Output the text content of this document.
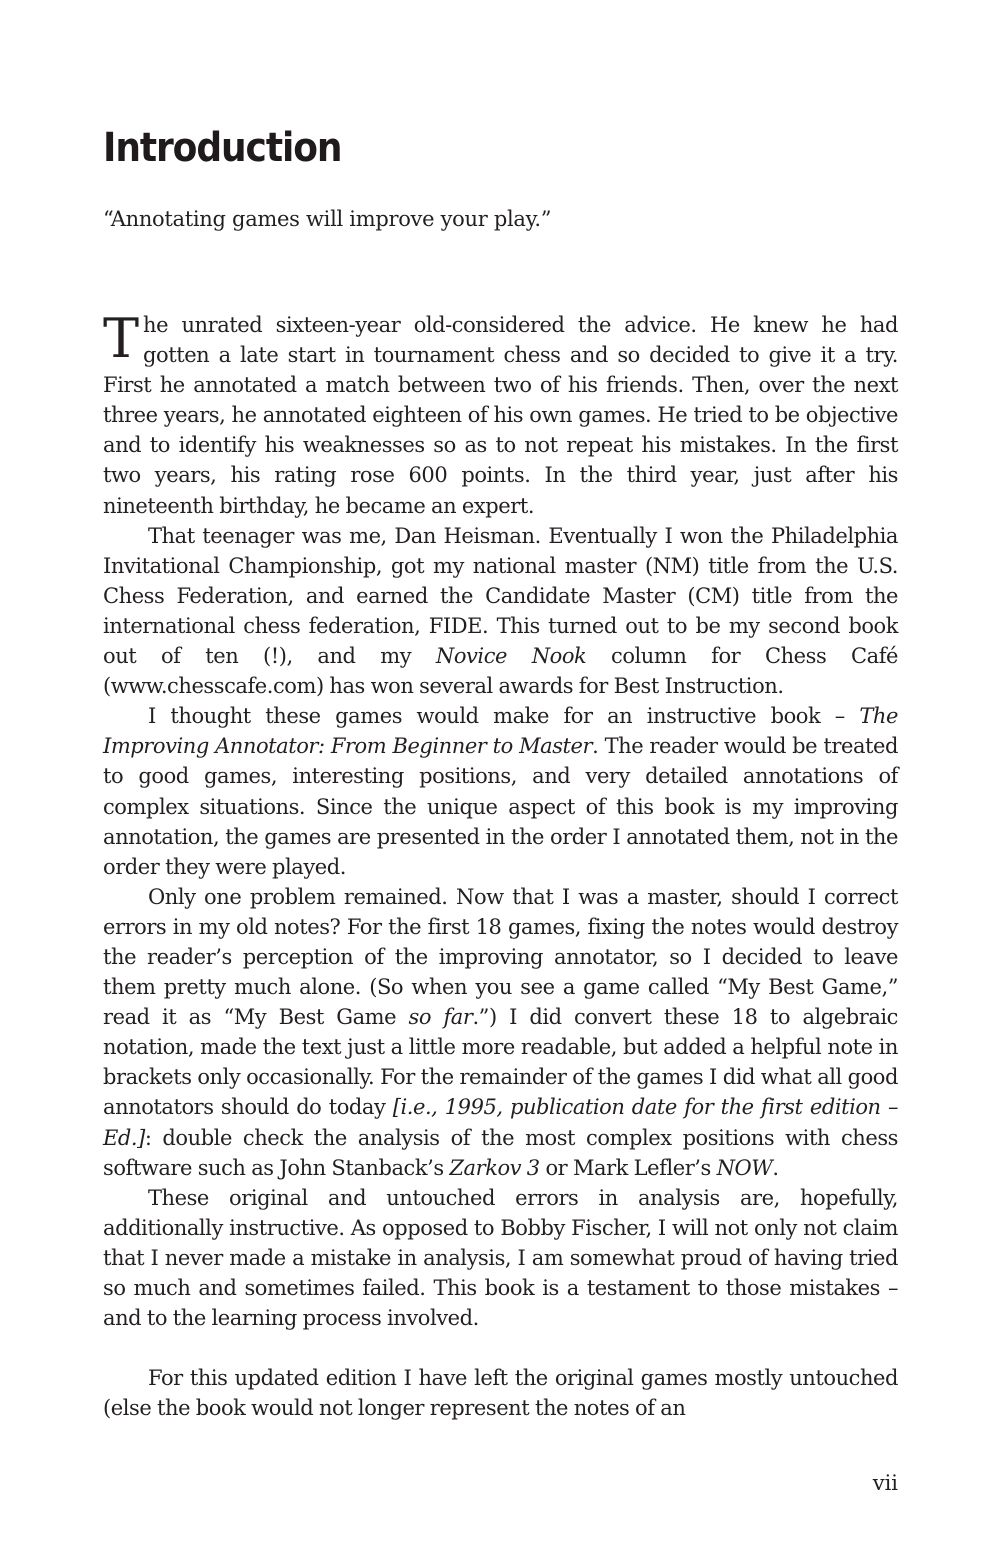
Introduction

“Annotating games will improve your play.”

The unrated sixteen-year old-considered the advice. He knew he had gotten a late start in tournament chess and so decided to give it a try. First he annotated a match between two of his friends. Then, over the next three years, he annotated eighteen of his own games. He tried to be objective and to identify his weaknesses so as to not repeat his mistakes. In the first two years, his rating rose 600 points. In the third year, just after his nineteenth birthday, he became an expert.

That teenager was me, Dan Heisman. Eventually I won the Philadelphia Invitational Championship, got my national master (NM) title from the U.S. Chess Federation, and earned the Candidate Master (CM) title from the international chess federation, FIDE. This turned out to be my second book out of ten (!), and my Novice Nook column for Chess Café (www.chesscafe.com) has won several awards for Best Instruction.

I thought these games would make for an instructive book – The Improving Annotator: From Beginner to Master. The reader would be treated to good games, interesting positions, and very detailed annotations of complex situations. Since the unique aspect of this book is my improving annotation, the games are presented in the order I annotated them, not in the order they were played.

Only one problem remained. Now that I was a master, should I correct errors in my old notes? For the first 18 games, fixing the notes would destroy the reader’s perception of the improving annotator, so I decided to leave them pretty much alone. (So when you see a game called “My Best Game,” read it as “My Best Game so far.”) I did convert these 18 to algebraic notation, made the text just a little more readable, but added a helpful note in brackets only occasionally. For the remainder of the games I did what all good annotators should do today [i.e., 1995, publication date for the first edition – Ed.]: double check the analysis of the most complex positions with chess software such as John Stanback’s Zarkov 3 or Mark Lefler’s NOW.

These original and untouched errors in analysis are, hopefully, additionally instructive. As opposed to Bobby Fischer, I will not only not claim that I never made a mistake in analysis, I am somewhat proud of having tried so much and sometimes failed. This book is a testament to those mistakes – and to the learning process involved.

For this updated edition I have left the original games mostly untouched (else the book would not longer represent the notes of an

vii
